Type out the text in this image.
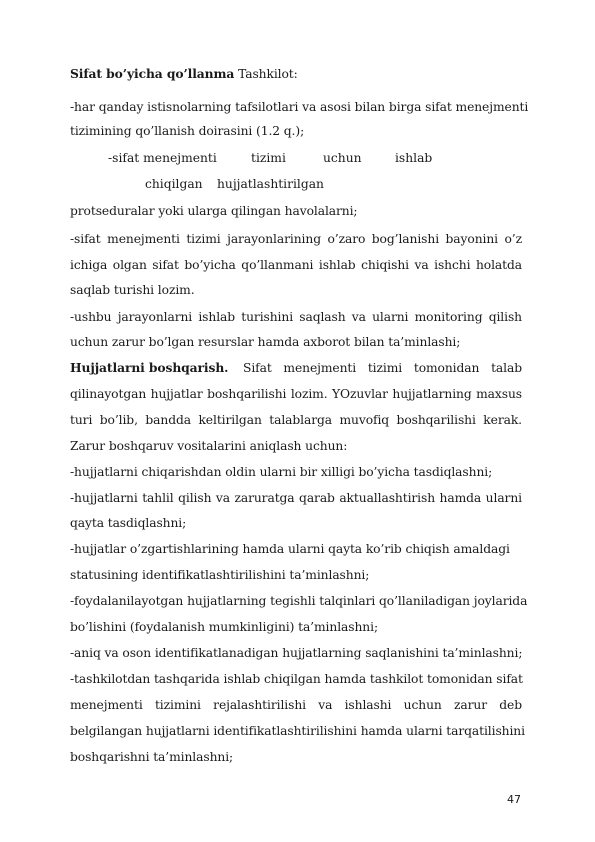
Sifat bo’yicha qo’llanma Tashkilot:
-har qanday istisnolarning tafsilotlari va asosi bilan birga sifat menejmenti
tizimining qo’llanish doirasini (1.2 q.);
-sifat menejmenti	tizimi	uchun	ishlab
chiqilgan hujjatlashtirilgan
protseduralar yoki ularga qilingan havolalarni;
-sifat menejmenti tizimi jarayonlarining o’zaro bog’lanishi bayonini o’z
ichiga olgan sifat bo’yicha qo’llanmani ishlab chiqishi va ishchi holatda
saqlab turishi lozim.
-ushbu jarayonlarni ishlab turishini saqlash va ularni monitoring qilish
uchun zarur bo’lgan resurslar hamda axborot bilan ta’minlashi;
Hujjatlarni boshqarish. Sifat menejmenti tizimi tomonidan talab
qilinayotgan hujjatlar boshqarilishi lozim. YOzuvlar hujjatlarning maxsus
turi bo’lib, bandda keltirilgan talablarga muvofiq boshqarilishi kerak.
Zarur boshqaruv vositalarini aniqlash uchun:
-hujjatlarni chiqarishdan oldin ularni bir xilligi bo’yicha tasdiqlashni;
-hujjatlarni tahlil qilish va zaruratga qarab aktuallashtirish hamda ularni
qayta tasdiqlashni;
-hujjatlar o’zgartishlarining hamda ularni qayta ko’rib chiqish amaldagi
statusining identifikatlashtirilishini ta’minlashni;
-foydalanilayotgan hujjatlarning tegishli talqinlari qo’llaniladigan joylarida
bo’lishini (foydalanish mumkinligini) ta’minlashni;
-aniq va oson identifikatlanadigan hujjatlarning saqlanishini ta’minlashni;
-tashkilotdan tashqarida ishlab chiqilgan hamda tashkilot tomonidan sifat
menejmenti tizimini rejalashtirilishi va ishlashi uchun zarur deb
belgilangan hujjatlarni identifikatlashtirilishini hamda ularni tarqatilishini
boshqarishni ta’minlashni;
47
